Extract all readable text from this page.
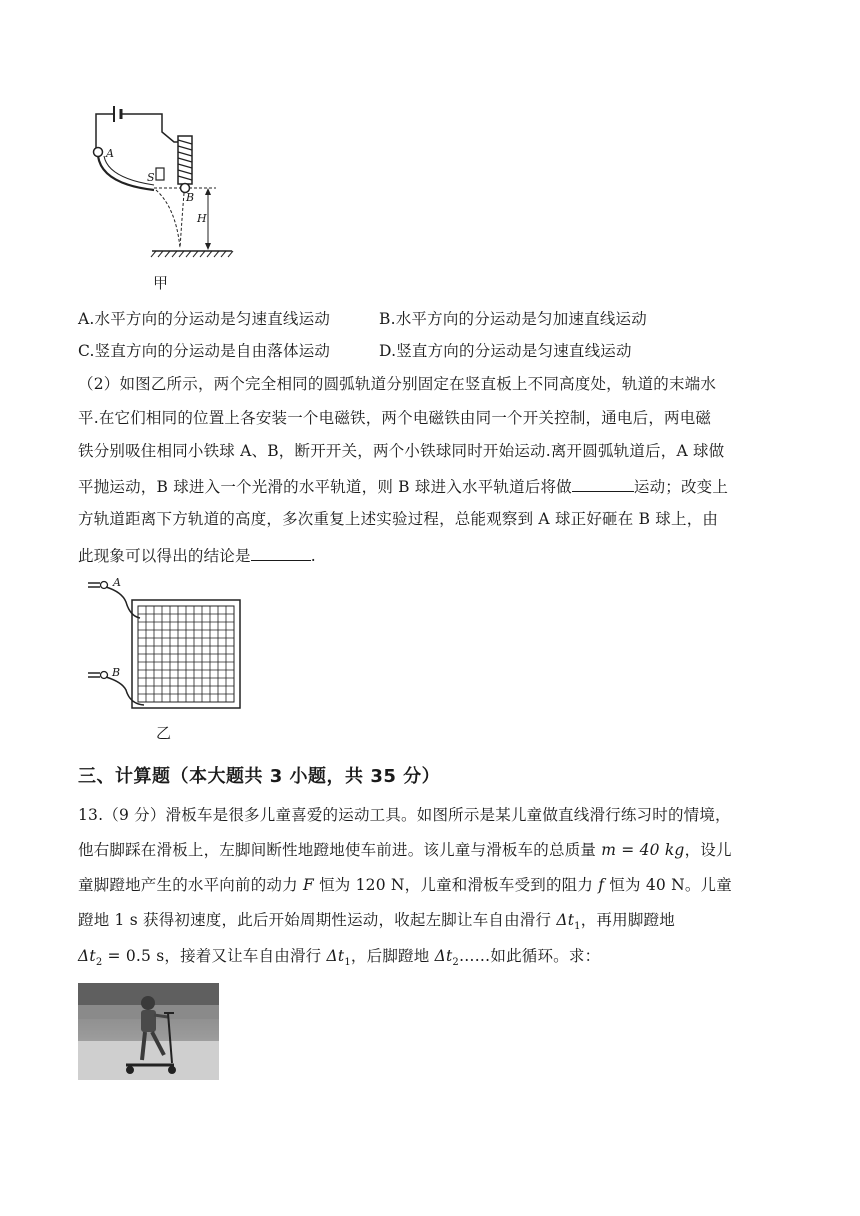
A
S
B
H
甲
A.水平方向的分运动是匀速直线运动	B.水平方向的分运动是匀加速直线运动
C.竖直方向的分运动是自由落体运动	D.竖直方向的分运动是匀速直线运动
（2）如图乙所示，两个完全相同的圆弧轨道分别固定在竖直板上不同高度处，轨道的末端水
平.在它们相同的位置上各安装一个电磁铁，两个电磁铁由同一个开关控制，通电后，两电磁
铁分别吸住相同小铁球 A、B，断开开关，两个小铁球同时开始运动.离开圆弧轨道后，A 球做
平抛运动，B 球进入一个光滑的水平轨道，则 B 球进入水平轨道后将做	运动；改变上
方轨道距离下方轨道的高度，多次重复上述实验过程，总能观察到 A 球正好砸在 B 球上，由
此现象可以得出的结论是	.
A
B
乙
三、计算题（本大题共 3 小题，共 35 分）
13.（9 分）滑板车是很多儿童喜爱的运动工具。如图所示是某儿童做直线滑行练习时的情境，
他右脚踩在滑板上，左脚间断性地蹬地使车前进。该儿童与滑板车的总质量 m = 40 kg，设儿
童脚蹬地产生的水平向前的动力 F 恒为 120 N，儿童和滑板车受到的阻力 f 恒为 40 N。儿童
蹬地 1 s 获得初速度，此后开始周期性运动，收起左脚让车自由滑行 $\Delta t_1$，再用脚蹬地
$\Delta t_2 = 0.5$ s，接着又让车自由滑行 $\Delta t_1$，后脚蹬地 $\Delta t_2\dots\dots$如此循环。求：
